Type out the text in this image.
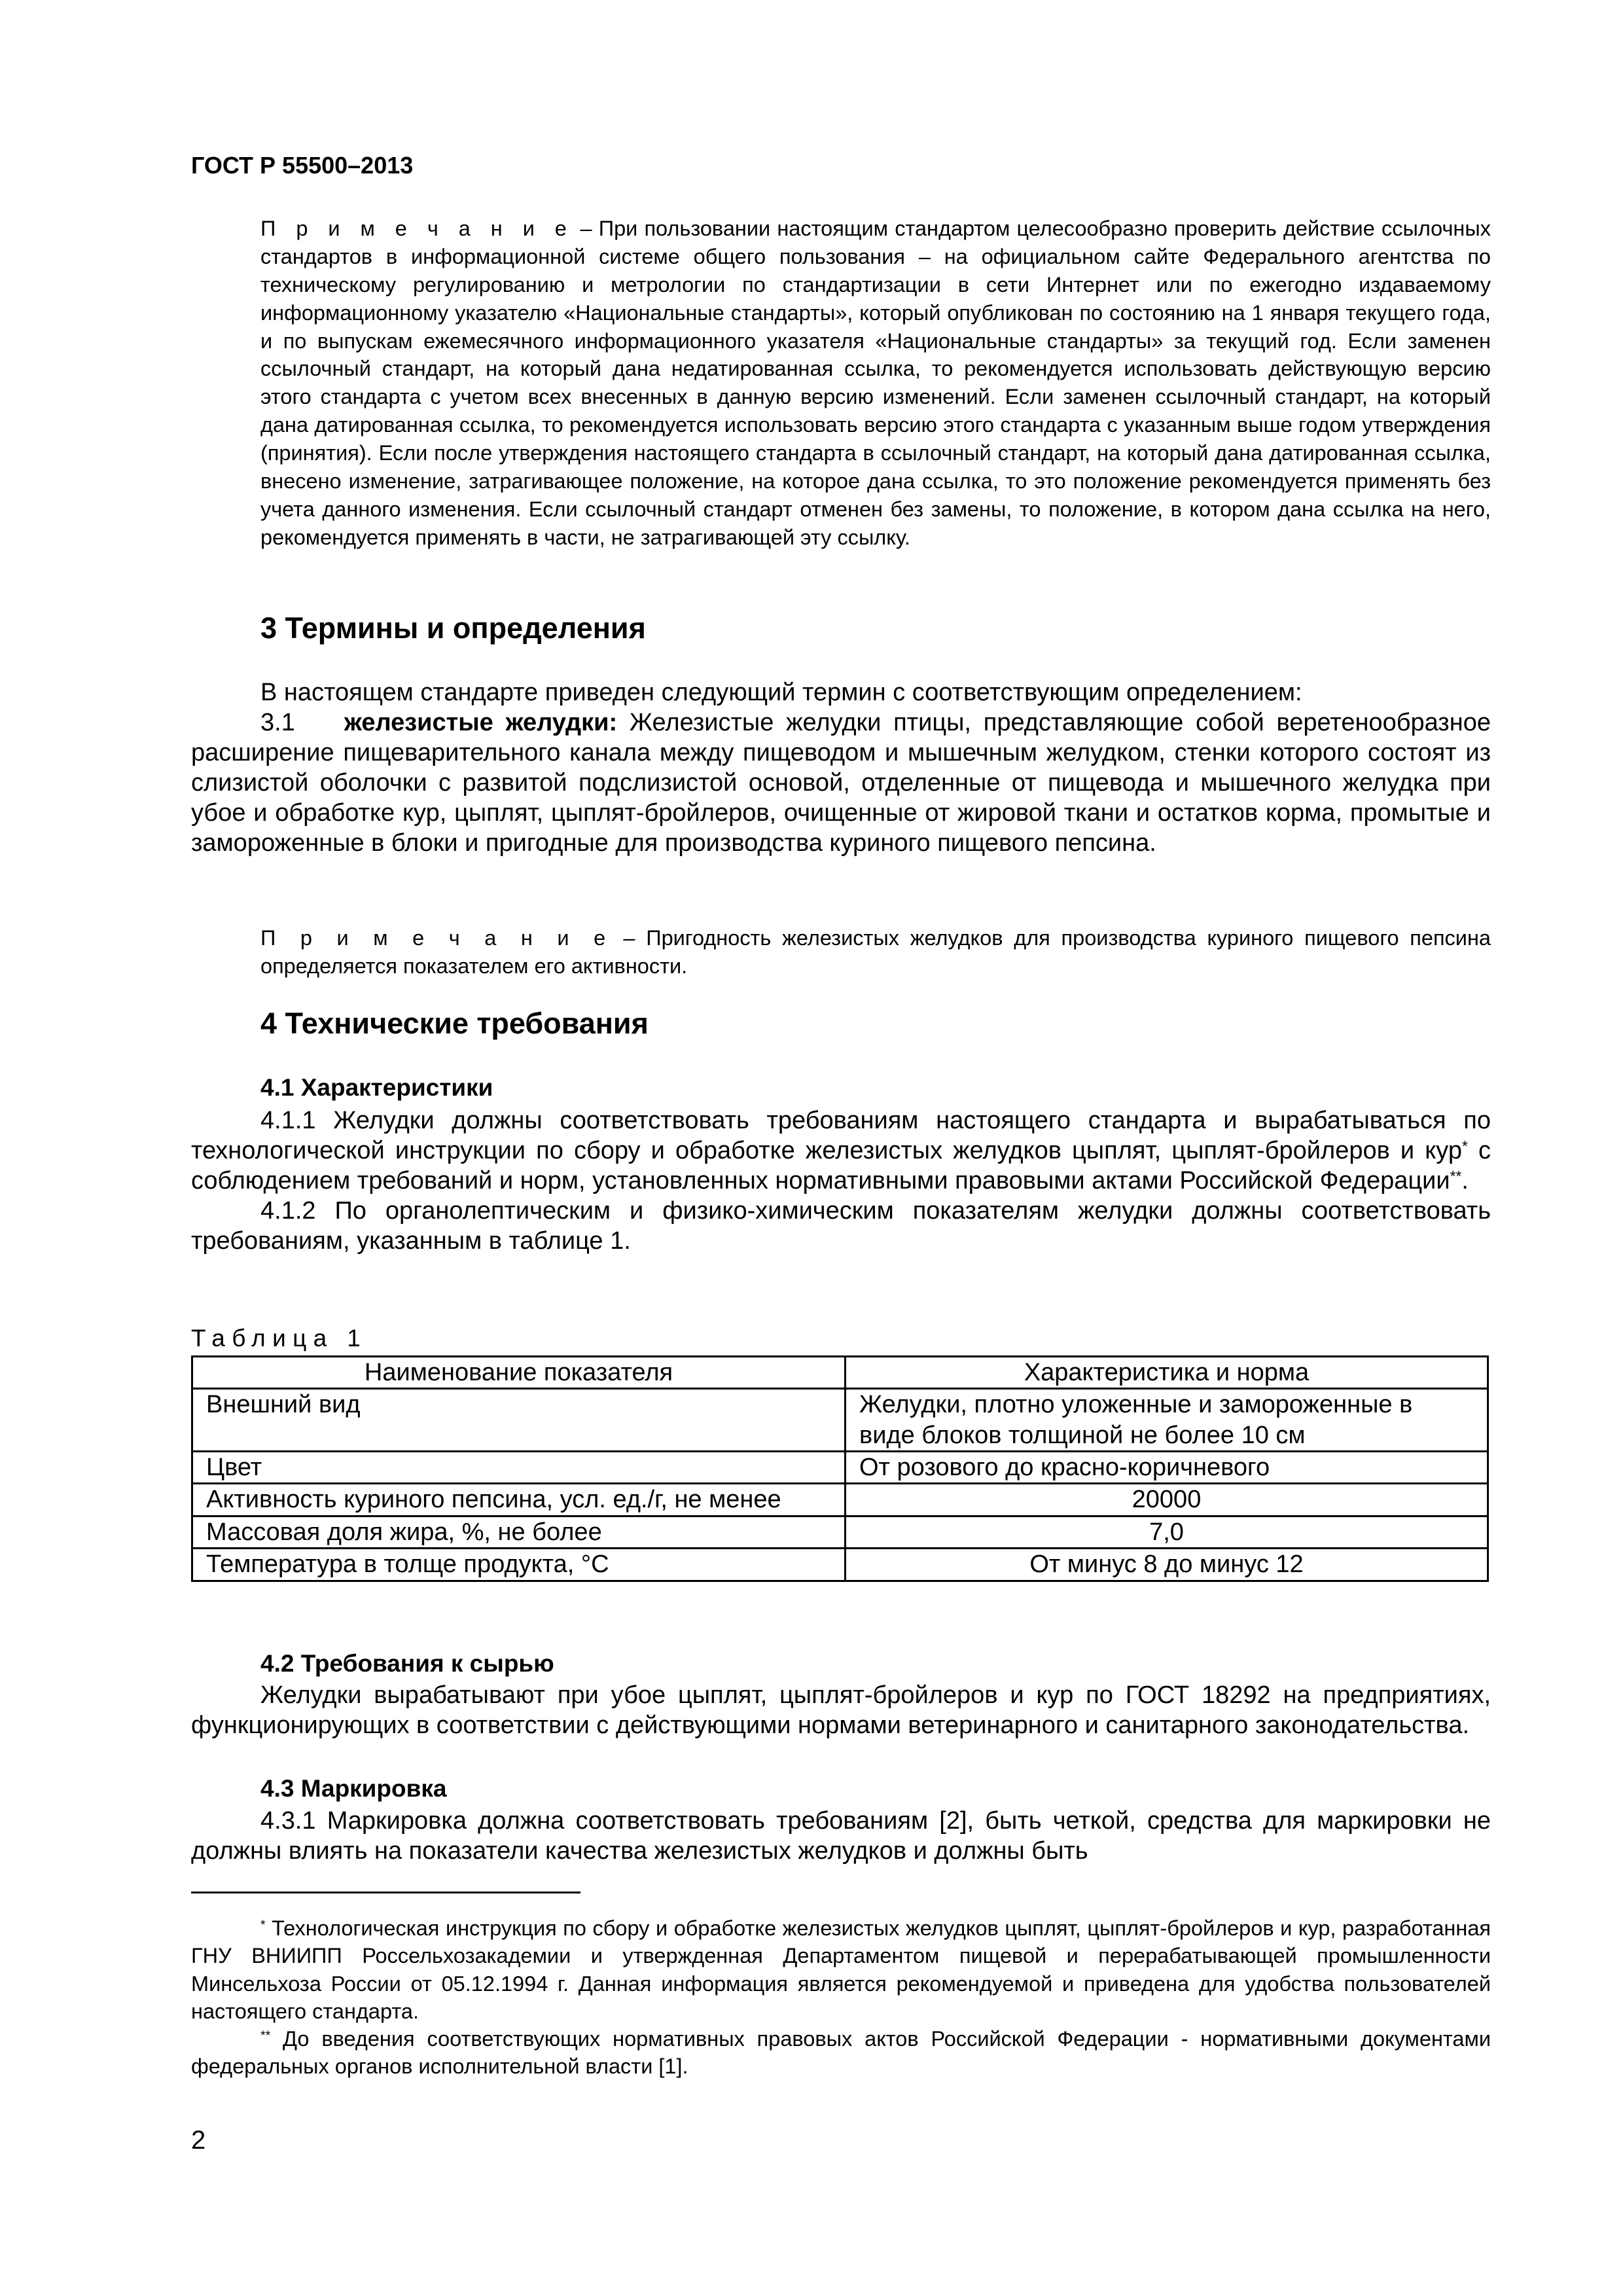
ГОСТ Р 55500–2013
П р и м е ч а н и е – При пользовании настоящим стандартом целесообразно проверить действие ссылочных стандартов в информационной системе общего пользования – на официальном сайте Федерального агентства по техническому регулированию и метрологии по стандартизации в сети Интернет или по ежегодно издаваемому информационному указателю «Национальные стандарты», который опубликован по состоянию на 1 января текущего года, и по выпускам ежемесячного информационного указателя «Национальные стандарты» за текущий год. Если заменен ссылочный стандарт, на который дана недатированная ссылка, то рекомендуется использовать действующую версию этого стандарта с учетом всех внесенных в данную версию изменений. Если заменен ссылочный стандарт, на который дана датированная ссылка, то рекомендуется использовать версию этого стандарта с указанным выше годом утверждения (принятия). Если после утверждения настоящего стандарта в ссылочный стандарт, на который дана датированная ссылка, внесено изменение, затрагивающее положение, на которое дана ссылка, то это положение рекомендуется применять без учета данного изменения. Если ссылочный стандарт отменен без замены, то положение, в котором дана ссылка на него, рекомендуется применять в части, не затрагивающей эту ссылку.
3 Термины и определения
В настоящем стандарте приведен следующий термин с соответствующим определением:
3.1 железистые желудки: Железистые желудки птицы, представляющие собой веретенообразное расширение пищеварительного канала между пищеводом и мышечным желудком, стенки которого состоят из слизистой оболочки с развитой подслизистой основой, отделенные от пищевода и мышечного желудка при убое и обработке кур, цыплят, цыплят-бройлеров, очищенные от жировой ткани и остатков корма, промытые и замороженные в блоки и пригодные для производства куриного пищевого пепсина.
П р и м е ч а н и е – Пригодность железистых желудков для производства куриного пищевого пепсина определяется показателем его активности.
4 Технические требования
4.1 Характеристики
4.1.1 Желудки должны соответствовать требованиям настоящего стандарта и вырабатываться по технологической инструкции по сбору и обработке железистых желудков цыплят, цыплят-бройлеров и кур* с соблюдением требований и норм, установленных нормативными правовыми актами Российской Федерации**.
4.1.2 По органолептическим и физико-химическим показателям желудки должны соответствовать требованиям, указанным в таблице 1.
Таблица 1
Наименование показателя	Характеристика и норма
Внешний вид	Желудки, плотно уложенные и замороженные в виде блоков толщиной не более 10 см
Цвет	От розового до красно-коричневого
Активность куриного пепсина, усл. ед./г, не менее	20000
Массовая доля жира, %, не более	7,0
Температура в толще продукта, °С	От минус 8 до минус 12
4.2 Требования к сырью
Желудки вырабатывают при убое цыплят, цыплят-бройлеров и кур по ГОСТ 18292 на предприятиях, функционирующих в соответствии с действующими нормами ветеринарного и санитарного законодательства.
4.3 Маркировка
4.3.1 Маркировка должна соответствовать требованиям [2], быть четкой, средства для маркировки не должны влиять на показатели качества железистых желудков и должны быть
* Технологическая инструкция по сбору и обработке железистых желудков цыплят, цыплят-бройлеров и кур, разработанная ГНУ ВНИИПП Россельхозакадемии и утвержденная Департаментом пищевой и перерабатывающей промышленности Минсельхоза России от 05.12.1994 г. Данная информация является рекомендуемой и приведена для удобства пользователей настоящего стандарта.
** До введения соответствующих нормативных правовых актов Российской Федерации - нормативными документами федеральных органов исполнительной власти [1].
2
